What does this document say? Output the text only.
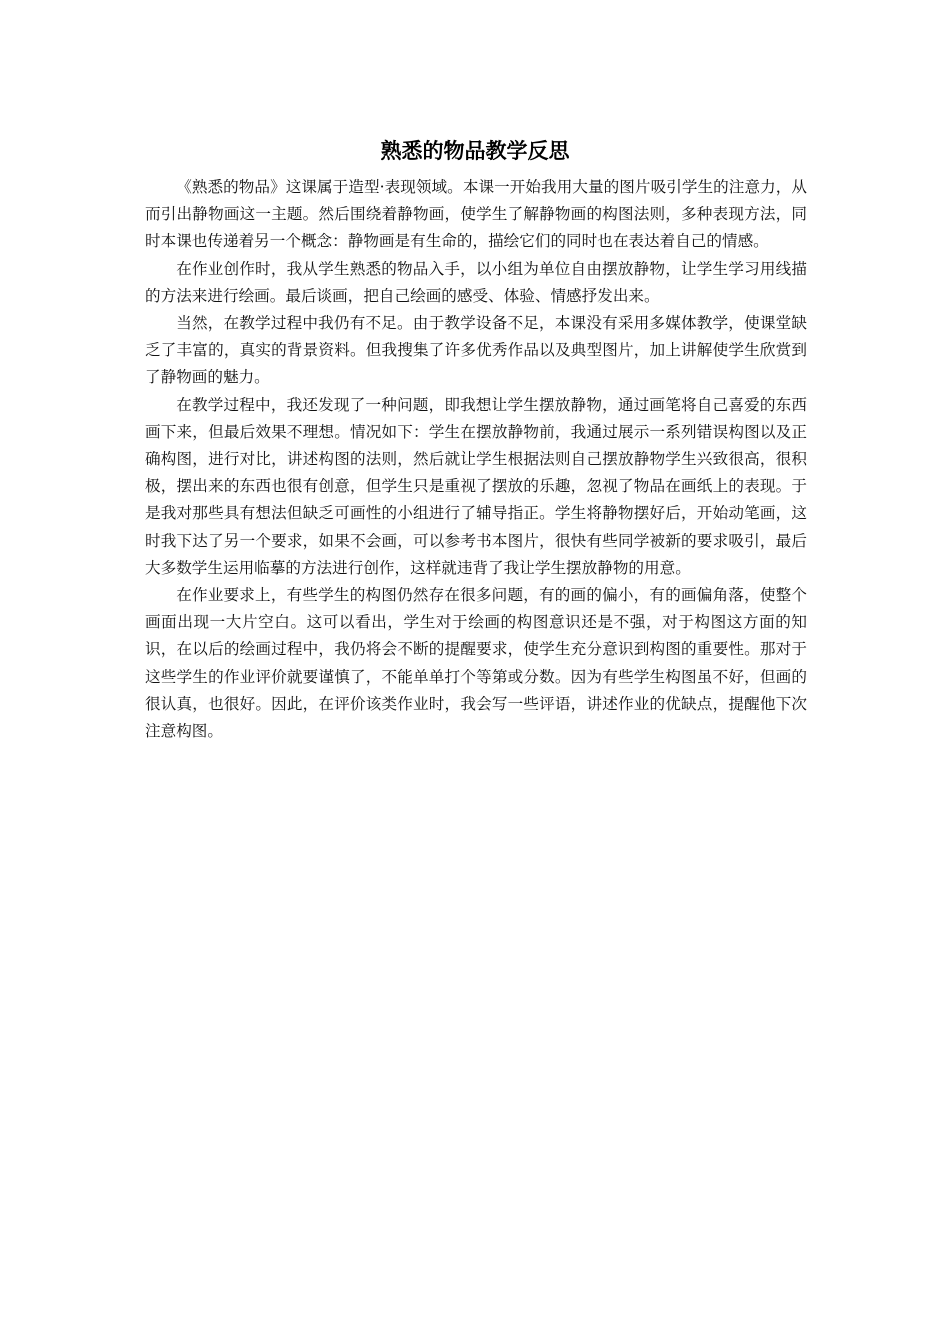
熟悉的物品教学反思

《熟悉的物品》这课属于造型·表现领域。本课一开始我用大量的图片吸引学生的注意力，从而引出静物画这一主题。然后围绕着静物画，使学生了解静物画的构图法则，多种表现方法，同时本课也传递着另一个概念：静物画是有生命的，描绘它们的同时也在表达着自己的情感。

在作业创作时，我从学生熟悉的物品入手，以小组为单位自由摆放静物，让学生学习用线描的方法来进行绘画。最后谈画，把自己绘画的感受、体验、情感抒发出来。

当然，在教学过程中我仍有不足。由于教学设备不足，本课没有采用多媒体教学，使课堂缺乏了丰富的，真实的背景资料。但我搜集了许多优秀作品以及典型图片，加上讲解使学生欣赏到了静物画的魅力。

在教学过程中，我还发现了一种问题，即我想让学生摆放静物，通过画笔将自己喜爱的东西画下来，但最后效果不理想。情况如下：学生在摆放静物前，我通过展示一系列错误构图以及正确构图，进行对比，讲述构图的法则，然后就让学生根据法则自己摆放静物学生兴致很高，很积极，摆出来的东西也很有创意，但学生只是重视了摆放的乐趣，忽视了物品在画纸上的表现。于是我对那些具有想法但缺乏可画性的小组进行了辅导指正。学生将静物摆好后，开始动笔画，这时我下达了另一个要求，如果不会画，可以参考书本图片，很快有些同学被新的要求吸引，最后大多数学生运用临摹的方法进行创作，这样就违背了我让学生摆放静物的用意。

在作业要求上，有些学生的构图仍然存在很多问题，有的画的偏小，有的画偏角落，使整个画面出现一大片空白。这可以看出，学生对于绘画的构图意识还是不强，对于构图这方面的知识，在以后的绘画过程中，我仍将会不断的提醒要求，使学生充分意识到构图的重要性。那对于这些学生的作业评价就要谨慎了，不能单单打个等第或分数。因为有些学生构图虽不好，但画的很认真，也很好。因此，在评价该类作业时，我会写一些评语，讲述作业的优缺点，提醒他下次注意构图。
